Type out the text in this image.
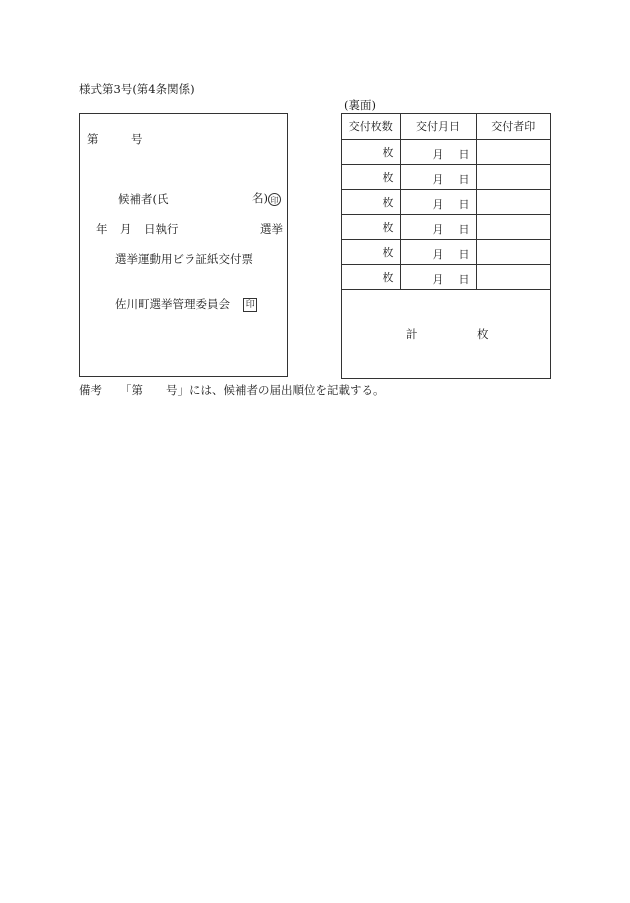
様式第3号(第4条関係)
(裏面)
第	号
候補者(氏	名) 印
年 月 日執行	選挙
選挙運動用ビラ証紙交付票
佐川町選挙管理委員会 印
交付枚数	交付月日	交付者印
枚	月 日	

枚	月 日	

枚	月 日	

枚	月 日	

枚	月 日	

枚	月 日	

計	枚
備考 「第　　号」には、候補者の届出順位を記載する。
